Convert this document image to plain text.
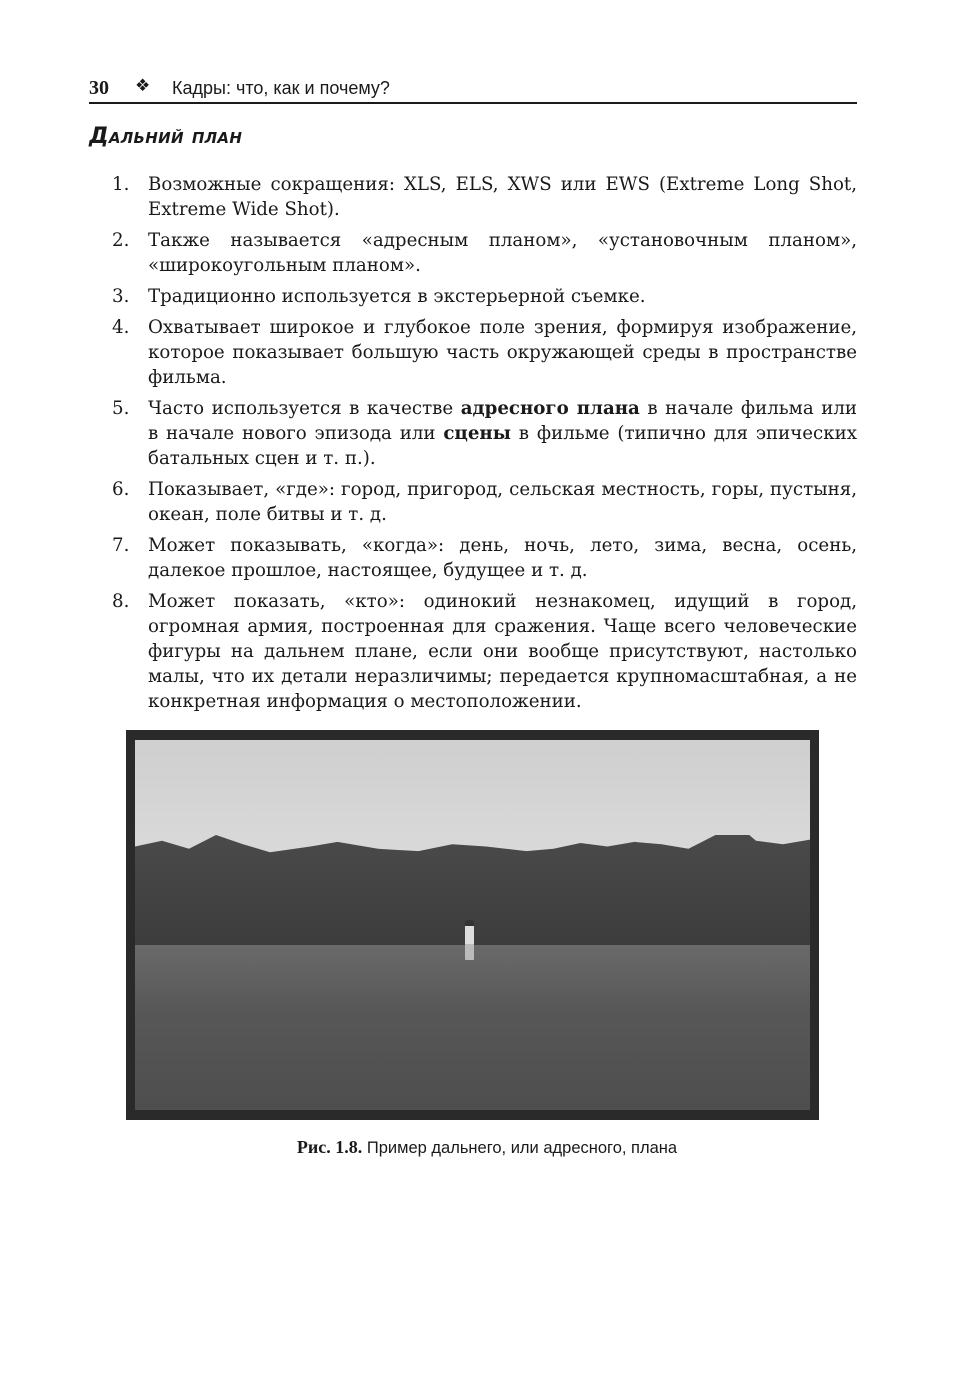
30 ❖ Кадры: что, как и почему?
Дальний план
1. Возможные сокращения: XLS, ELS, XWS или EWS (Extreme Long Shot, Extreme Wide Shot).
2. Также называется «адресным планом», «установочным планом», «широкоугольным планом».
3. Традиционно используется в экстерьерной съемке.
4. Охватывает широкое и глубокое поле зрения, формируя изображение, которое показывает большую часть окружающей среды в пространстве фильма.
5. Часто используется в качестве адресного плана в начале фильма или в начале нового эпизода или сцены в фильме (типично для эпических батальных сцен и т. п.).
6. Показывает, «где»: город, пригород, сельская местность, горы, пустыня, океан, поле битвы и т. д.
7. Может показывать, «когда»: день, ночь, лето, зима, весна, осень, далекое прошлое, настоящее, будущее и т. д.
8. Может показать, «кто»: одинокий незнакомец, идущий в город, огромная армия, построенная для сражения. Чаще всего человеческие фигуры на дальнем плане, если они вообще присутствуют, настолько малы, что их детали неразличимы; передается крупномасштабная, а не конкретная информация о местоположении.
Рис. 1.8. Пример дальнего, или адресного, плана
